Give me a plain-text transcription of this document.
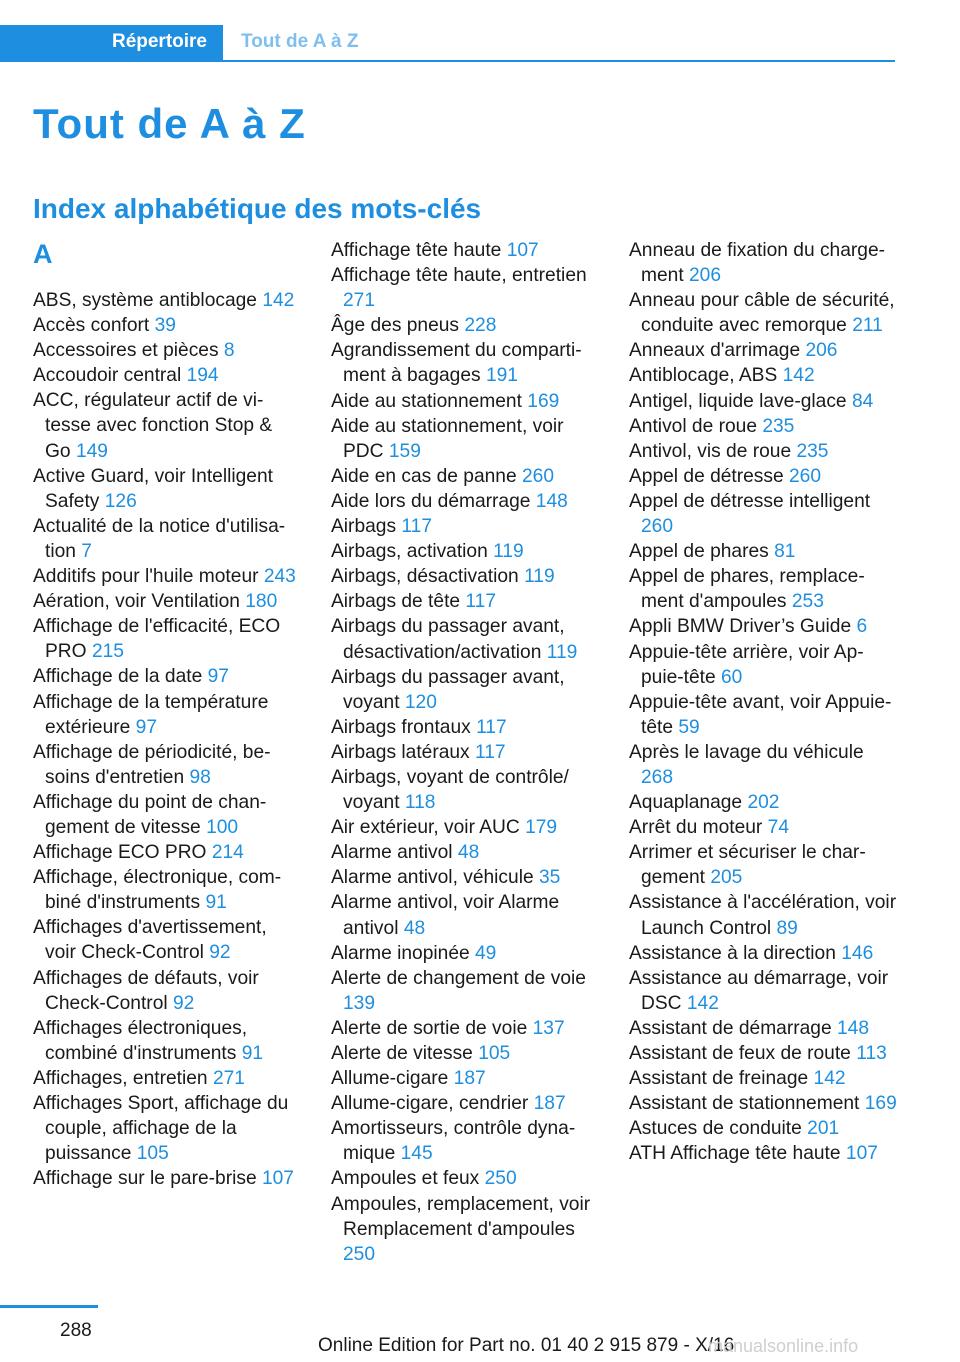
Répertoire	Tout de A à Z
Tout de A à Z
Index alphabétique des mots-clés
A
ABS, système antiblocage 142
Accès confort 39
Accessoires et pièces 8
Accoudoir central 194
ACC, régulateur actif de vitesse avec fonction Stop & Go 149
Active Guard, voir Intelligent Safety 126
Actualité de la notice d'utilisation 7
Additifs pour l'huile moteur 243
Aération, voir Ventilation 180
Affichage de l'efficacité, ECO PRO 215
Affichage de la date 97
Affichage de la température extérieure 97
Affichage de périodicité, besoins d'entretien 98
Affichage du point de changement de vitesse 100
Affichage ECO PRO 214
Affichage, électronique, combiné d'instruments 91
Affichages d'avertissement, voir Check-Control 92
Affichages de défauts, voir Check-Control 92
Affichages électroniques, combiné d'instruments 91
Affichages, entretien 271
Affichages Sport, affichage du couple, affichage de la puissance 105
Affichage sur le pare-brise 107
Affichage tête haute 107
Affichage tête haute, entretien 271
Âge des pneus 228
Agrandissement du compartiment à bagages 191
Aide au stationnement 169
Aide au stationnement, voir PDC 159
Aide en cas de panne 260
Aide lors du démarrage 148
Airbags 117
Airbags, activation 119
Airbags, désactivation 119
Airbags de tête 117
Airbags du passager avant, désactivation/activation 119
Airbags du passager avant, voyant 120
Airbags frontaux 117
Airbags latéraux 117
Airbags, voyant de contrôle/ voyant 118
Air extérieur, voir AUC 179
Alarme antivol 48
Alarme antivol, véhicule 35
Alarme antivol, voir Alarme antivol 48
Alarme inopinée 49
Alerte de changement de voie 139
Alerte de sortie de voie 137
Alerte de vitesse 105
Allume-cigare 187
Allume-cigare, cendrier 187
Amortisseurs, contrôle dynamique 145
Ampoules et feux 250
Ampoules, remplacement, voir Remplacement d'ampoules 250
Anneau de fixation du chargement 206
Anneau pour câble de sécurité, conduite avec remorque 211
Anneaux d'arrimage 206
Antiblocage, ABS 142
Antigel, liquide lave-glace 84
Antivol de roue 235
Antivol, vis de roue 235
Appel de détresse 260
Appel de détresse intelligent 260
Appel de phares 81
Appel de phares, remplacement d'ampoules 253
Appli BMW Driver’s Guide 6
Appuie-tête arrière, voir Appuie-tête 60
Appuie-tête avant, voir Appuie-tête 59
Après le lavage du véhicule 268
Aquaplanage 202
Arrêt du moteur 74
Arrimer et sécuriser le chargement 205
Assistance à l'accélération, voir Launch Control 89
Assistance à la direction 146
Assistance au démarrage, voir DSC 142
Assistant de démarrage 148
Assistant de feux de route 113
Assistant de freinage 142
Assistant de stationnement 169
Astuces de conduite 201
ATH Affichage tête haute 107
288
Online Edition for Part no. 01 40 2 915 879 - X/16
manualsonline.info
